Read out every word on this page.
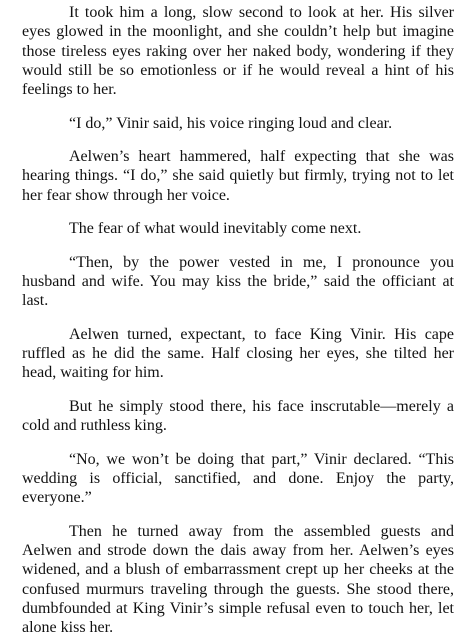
It took him a long, slow second to look at her. His silver eyes glowed in the moonlight, and she couldn’t help but imagine those tireless eyes raking over her naked body, wondering if they would still be so emotionless or if he would reveal a hint of his feelings to her.

“I do,” Vinir said, his voice ringing loud and clear.

Aelwen’s heart hammered, half expecting that she was hearing things. “I do,” she said quietly but firmly, trying not to let her fear show through her voice.

The fear of what would inevitably come next.

“Then, by the power vested in me, I pronounce you husband and wife. You may kiss the bride,” said the officiant at last.

Aelwen turned, expectant, to face King Vinir. His cape ruffled as he did the same. Half closing her eyes, she tilted her head, waiting for him.

But he simply stood there, his face inscrutable—merely a cold and ruthless king.

“No, we won’t be doing that part,” Vinir declared. “This wedding is official, sanctified, and done. Enjoy the party, everyone.”

Then he turned away from the assembled guests and Aelwen and strode down the dais away from her. Aelwen’s eyes widened, and a blush of embarrassment crept up her cheeks at the confused murmurs traveling through the guests. She stood there, dumbfounded at King Vinir’s simple refusal even to touch her, let alone kiss her.
